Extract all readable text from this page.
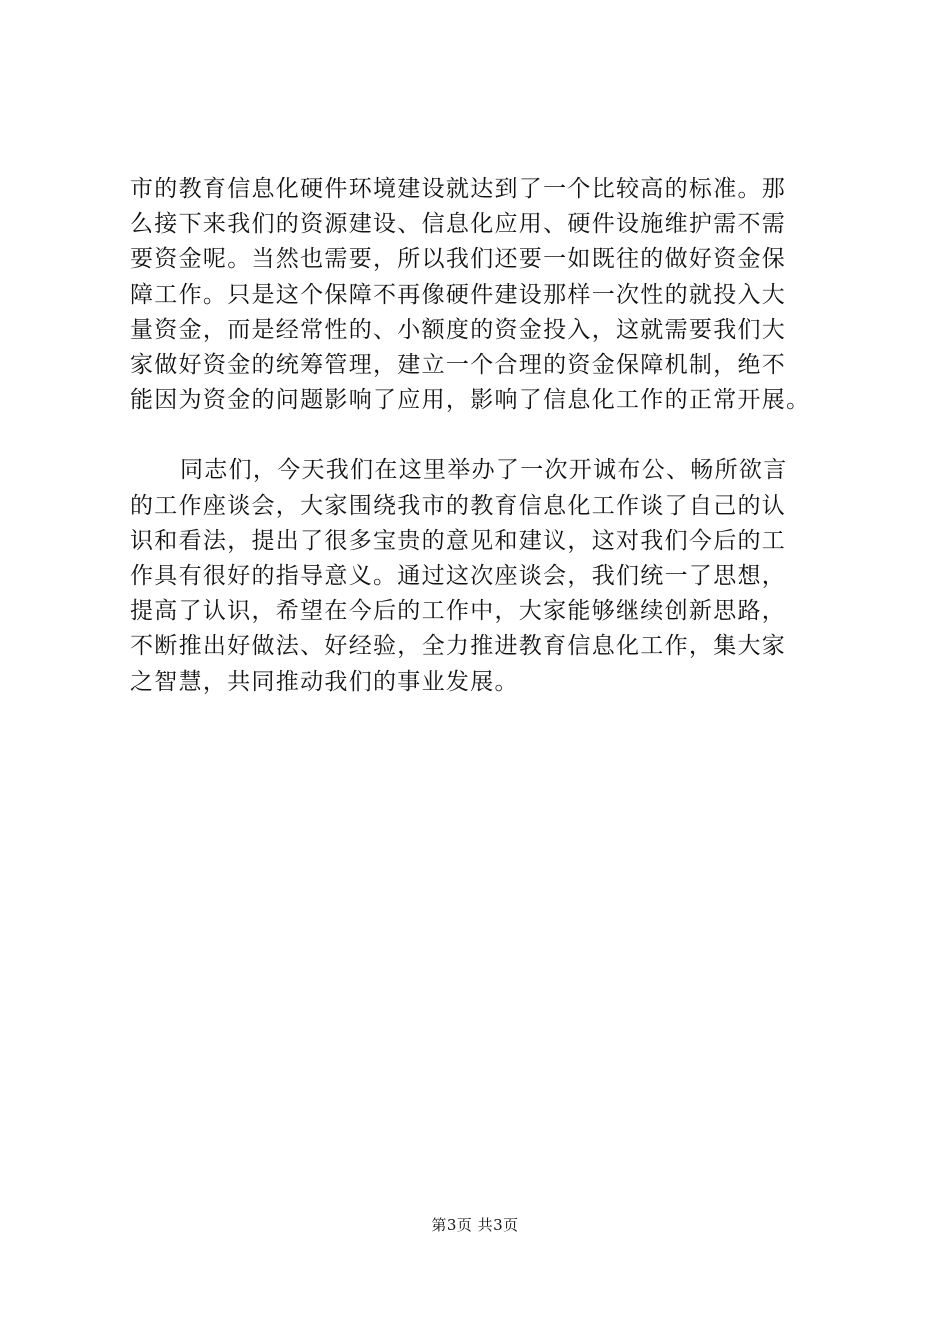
市的教育信息化硬件环境建设就达到了一个比较高的标准。那
么接下来我们的资源建设、信息化应用、硬件设施维护需不需
要资金呢。当然也需要，所以我们还要一如既往的做好资金保
障工作。只是这个保障不再像硬件建设那样一次性的就投入大
量资金，而是经常性的、小额度的资金投入，这就需要我们大
家做好资金的统筹管理，建立一个合理的资金保障机制，绝不
能因为资金的问题影响了应用，影响了信息化工作的正常开展。

同志们，今天我们在这里举办了一次开诚布公、畅所欲言
的工作座谈会，大家围绕我市的教育信息化工作谈了自己的认
识和看法，提出了很多宝贵的意见和建议，这对我们今后的工
作具有很好的指导意义。通过这次座谈会，我们统一了思想，
提高了认识，希望在今后的工作中，大家能够继续创新思路，
不断推出好做法、好经验，全力推进教育信息化工作，集大家
之智慧，共同推动我们的事业发展。

第3页 共3页
